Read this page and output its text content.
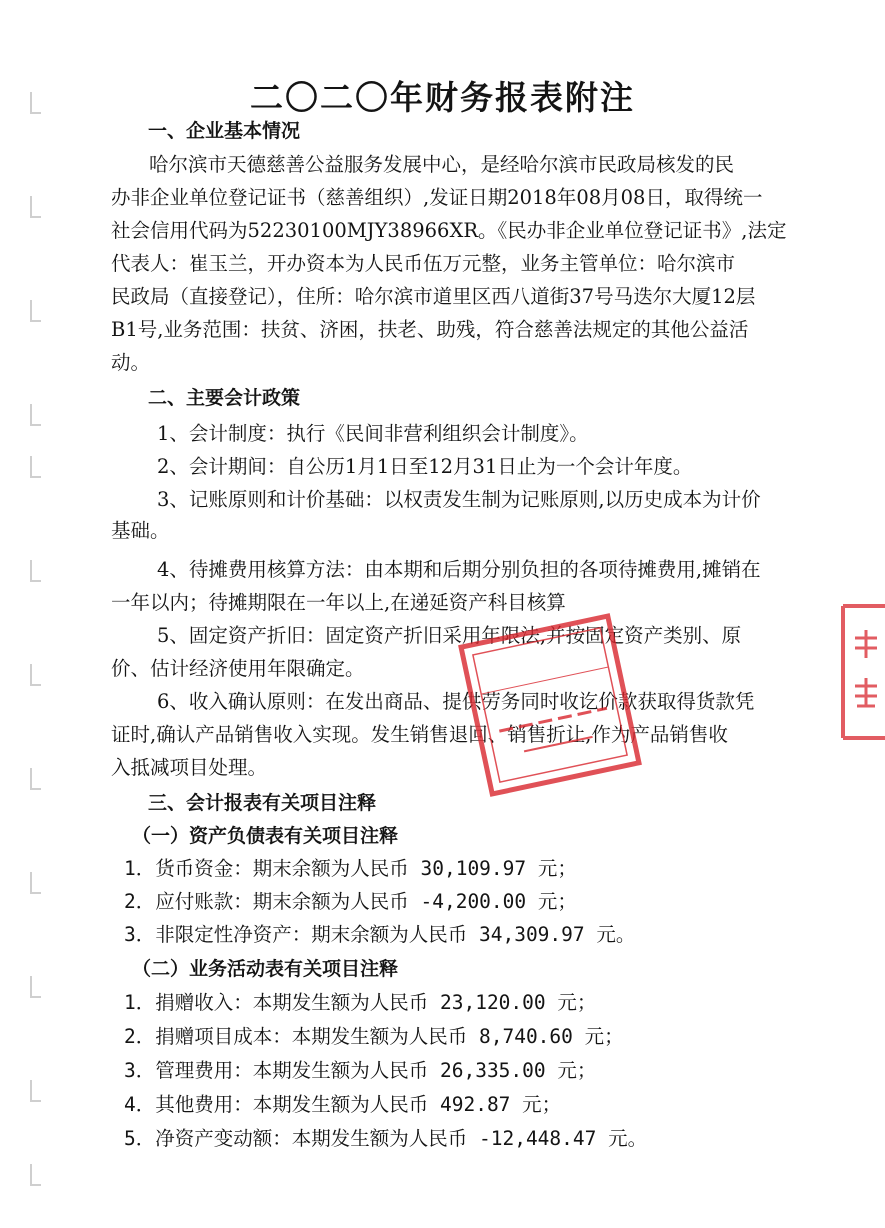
二〇二〇年财务报表附注
一、企业基本情况
哈尔滨市天德慈善公益服务发展中心，是经哈尔滨市民政局核发的民
办非企业单位登记证书（慈善组织）,发证日期2018年08月08日，取得统一
社会信用代码为52230100MJY38966XR。《民办非企业单位登记证书》,法定
代表人：崔玉兰，开办资本为人民币伍万元整，业务主管单位：哈尔滨市
民政局（直接登记），住所：哈尔滨市道里区西八道街37号马迭尔大厦12层
B1号,业务范围：扶贫、济困，扶老、助残，符合慈善法规定的其他公益活
动。
二、主要会计政策
1、会计制度：执行《民间非营利组织会计制度》。
2、会计期间：自公历1月1日至12月31日止为一个会计年度。
3、记账原则和计价基础：以权责发生制为记账原则,以历史成本为计价
基础。
4、待摊费用核算方法：由本期和后期分别负担的各项待摊费用,摊销在
一年以内；待摊期限在一年以上,在递延资产科目核算
5、固定资产折旧：固定资产折旧采用年限法,并按固定资产类别、原
价、估计经济使用年限确定。
6、收入确认原则：在发出商品、提供劳务同时收讫价款获取得货款凭
证时,确认产品销售收入实现。发生销售退回、销售折让,作为产品销售收
入抵减项目处理。
三、会计报表有关项目注释
（一）资产负债表有关项目注释
1．货币资金：期末余额为人民币 30,109.97 元；
2．应付账款：期末余额为人民币 -4,200.00 元；
3．非限定性净资产：期末余额为人民币 34,309.97 元。
（二）业务活动表有关项目注释
1．捐赠收入：本期发生额为人民币 23,120.00 元；
2．捐赠项目成本：本期发生额为人民币 8,740.60 元；
3．管理费用：本期发生额为人民币 26,335.00 元；
4．其他费用：本期发生额为人民币 492.87 元；
5．净资产变动额：本期发生额为人民币 -12,448.47 元。
